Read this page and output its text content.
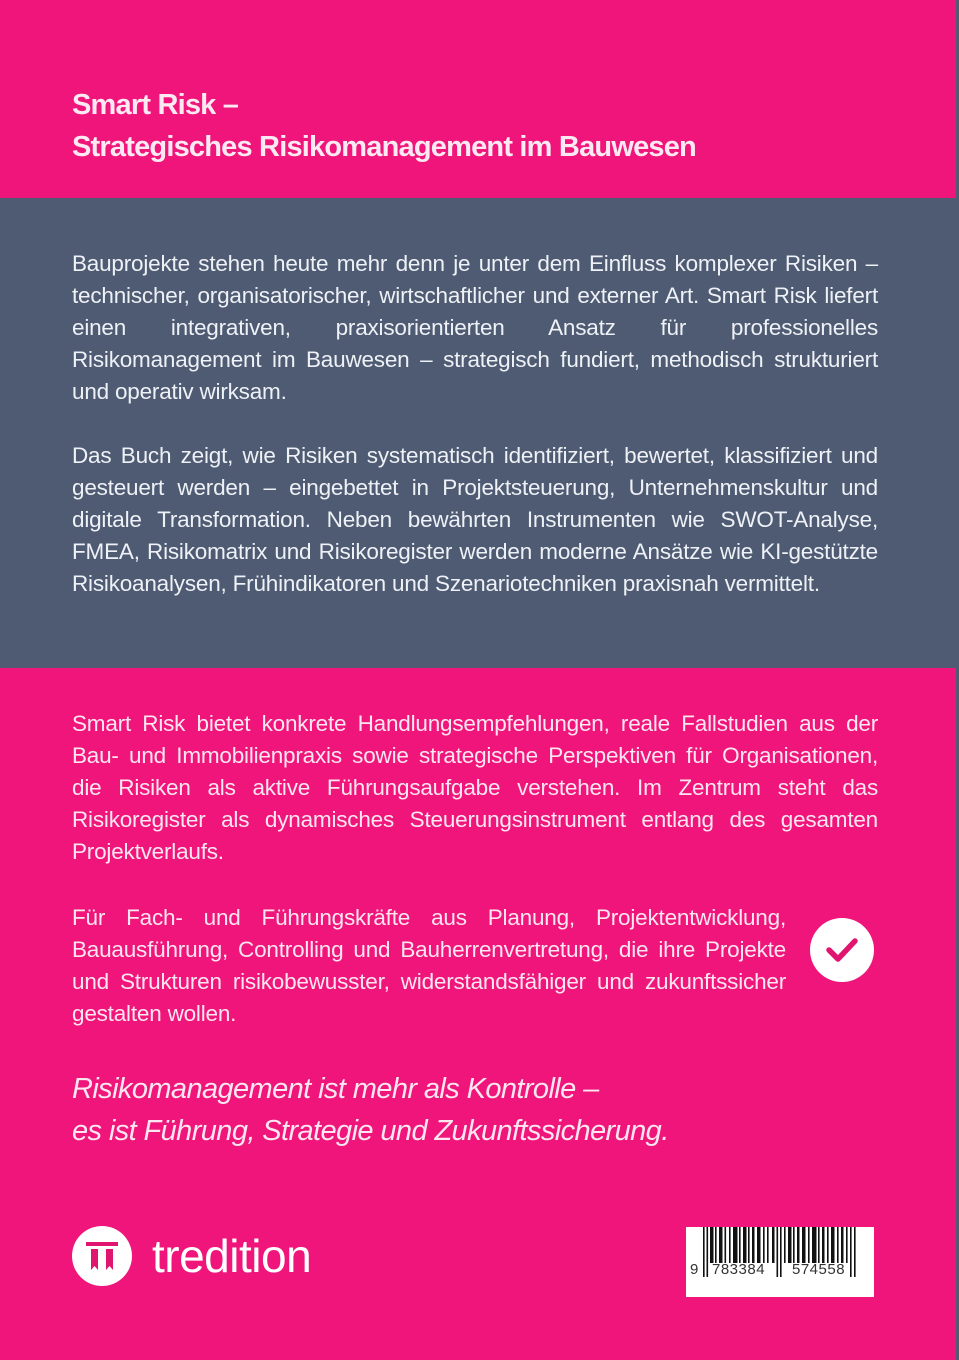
Smart Risk –
Strategisches Risikomanagement im Bauwesen
Bauprojekte stehen heute mehr denn je unter dem Einfluss komplexer Risiken – technischer, organisatorischer, wirtschaftlicher und externer Art. Smart Risk liefert einen integrativen, praxisorientierten Ansatz für professionelles Risikomanagement im Bauwesen – strategisch fundiert, methodisch strukturiert und operativ wirksam.
Das Buch zeigt, wie Risiken systematisch identifiziert, bewertet, klassifiziert und gesteuert werden – eingebettet in Projektsteuerung, Unternehmenskultur und digitale Transformation. Neben bewährten Instrumenten wie SWOT-Analyse, FMEA, Risikomatrix und Risikoregister werden moderne Ansätze wie KI-gestützte Risikoanalysen, Frühindikatoren und Szenariotechniken praxisnah vermittelt.
Smart Risk bietet konkrete Handlungsempfehlungen, reale Fallstudien aus der Bau- und Immobilienpraxis sowie strategische Perspektiven für Organisationen, die Risiken als aktive Führungsaufgabe verstehen. Im Zentrum steht das Risikoregister als dynamisches Steuerungsinstrument entlang des gesamten Projektverlaufs.
Für Fach- und Führungskräfte aus Planung, Projektentwicklung, Bauausführung, Controlling und Bauherrenvertretung, die ihre Projekte und Strukturen risikobewusster, widerstandsfähiger und zukunftssicher gestalten wollen.
Risikomanagement ist mehr als Kontrolle –
es ist Führung, Strategie und Zukunftssicherung.
tredition	9 783384 574558
